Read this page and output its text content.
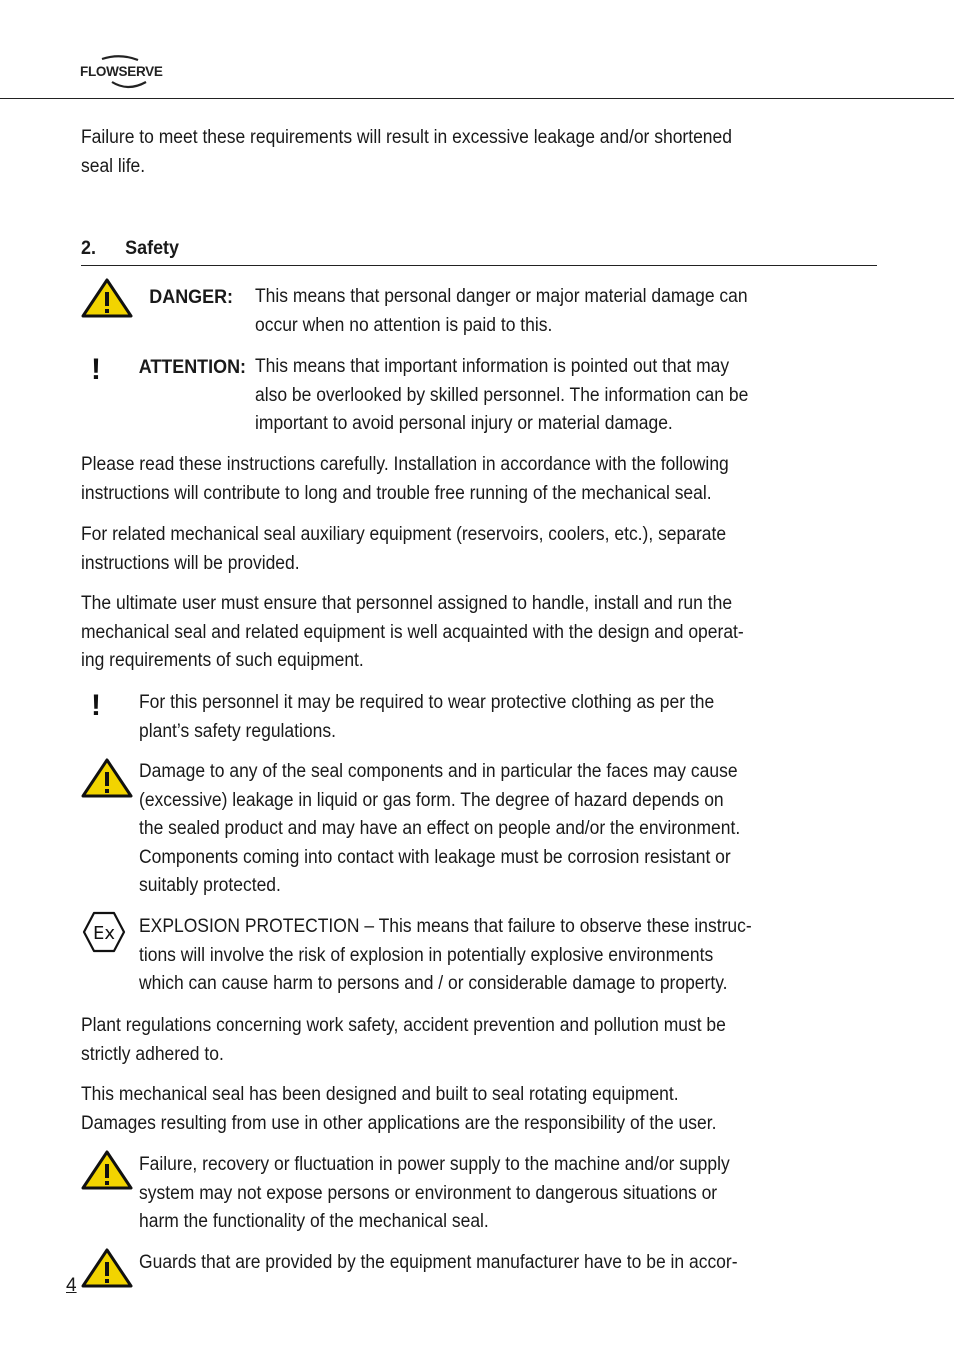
FLOWSERVE
Failure to meet these requirements will result in excessive leakage and/or shortened
seal life.
2. Safety
DANGER: This means that personal danger or major material damage can
occur when no attention is paid to this.
!	ATTENTION: This means that important information is pointed out that may
also be overlooked by skilled personnel. The information can be
important to avoid personal injury or material damage.
Please read these instructions carefully. Installation in accordance with the following
instructions will contribute to long and trouble free running of the mechanical seal.
For related mechanical seal auxiliary equipment (reservoirs, coolers, etc.), separate
instructions will be provided.
The ultimate user must ensure that personnel assigned to handle, install and run the
mechanical seal and related equipment is well acquainted with the design and operat-
ing requirements of such equipment.
! For this personnel it may be required to wear protective clothing as per the
plant’s safety regulations.
Damage to any of the seal components and in particular the faces may cause
(excessive) leakage in liquid or gas form. The degree of hazard depends on
the sealed product and may have an effect on people and/or the environment.
Components coming into contact with leakage must be corrosion resistant or
suitably protected.
Ex EXPLOSION PROTECTION – This means that failure to observe these instruc-
tions will involve the risk of explosion in potentially explosive environments
which can cause harm to persons and / or considerable damage to property.
Plant regulations concerning work safety, accident prevention and pollution must be
strictly adhered to.
This mechanical seal has been designed and built to seal rotating equipment.
Damages resulting from use in other applications are the responsibility of the user.
Failure, recovery or fluctuation in power supply to the machine and/or supply
system may not expose persons or environment to dangerous situations or
harm the functionality of the mechanical seal.
Guards that are provided by the equipment manufacturer have to be in accor-
4
